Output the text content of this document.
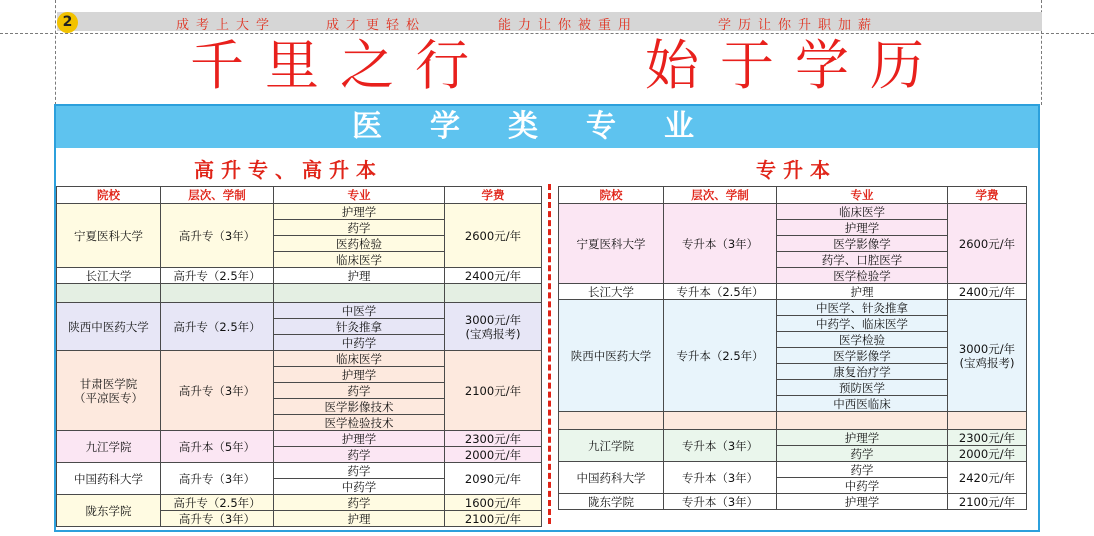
2	成考上大学	成才更轻松	能力让你被重用	学历让你升职加薪
千里之行	始于学历
医学类专业
高升专、高升本	专升本
院校	层次、学制	专业	学费
宁夏医科大学	高升专（3年）	护理学	2600元/年
		药学	
		医药检验	
		临床医学	
长江大学	高升专（2.5年）	护理	2400元/年

陕西中医药大学	高升专（2.5年）	中医学	3000元/年
(宝鸡报考)

		针灸推拿	
		中药学	

甘肃医学院
（平凉医专）	高升专（3年）	临床医学	2100元/年
		护理学	
		药学	
		医学影像技术	
		医学检验技术	
九江学院	高升本（5年）	护理学	2300元/年
		药学	2000元/年
中国药科大学	高升专（3年）	药学	2090元/年
		中药学	
陇东学院	高升专（2.5年）	药学	1600元/年
	高升专（3年）	护理	2100元/年
院校	层次、学制	专业	学费
宁夏医科大学	专升本（3年）	临床医学	2600元/年
		护理学	
		医学影像学	
		药学、口腔医学	
		医学检验学	
长江大学	专升本（2.5年）	护理	2400元/年
陕西中医药大学	专升本（2.5年）	中医学、针灸推拿	3000元/年
(宝鸡报考)

		中药学、临床医学	
		医学检验	
		医学影像学	
		康复治疗学	
		预防医学	
		中西医临床	

九江学院	专升本（3年）	护理学	2300元/年
		药学	2000元/年
中国药科大学	专升本（3年）	药学	2420元/年
		中药学	
陇东学院	专升本（3年）	护理学	2100元/年
